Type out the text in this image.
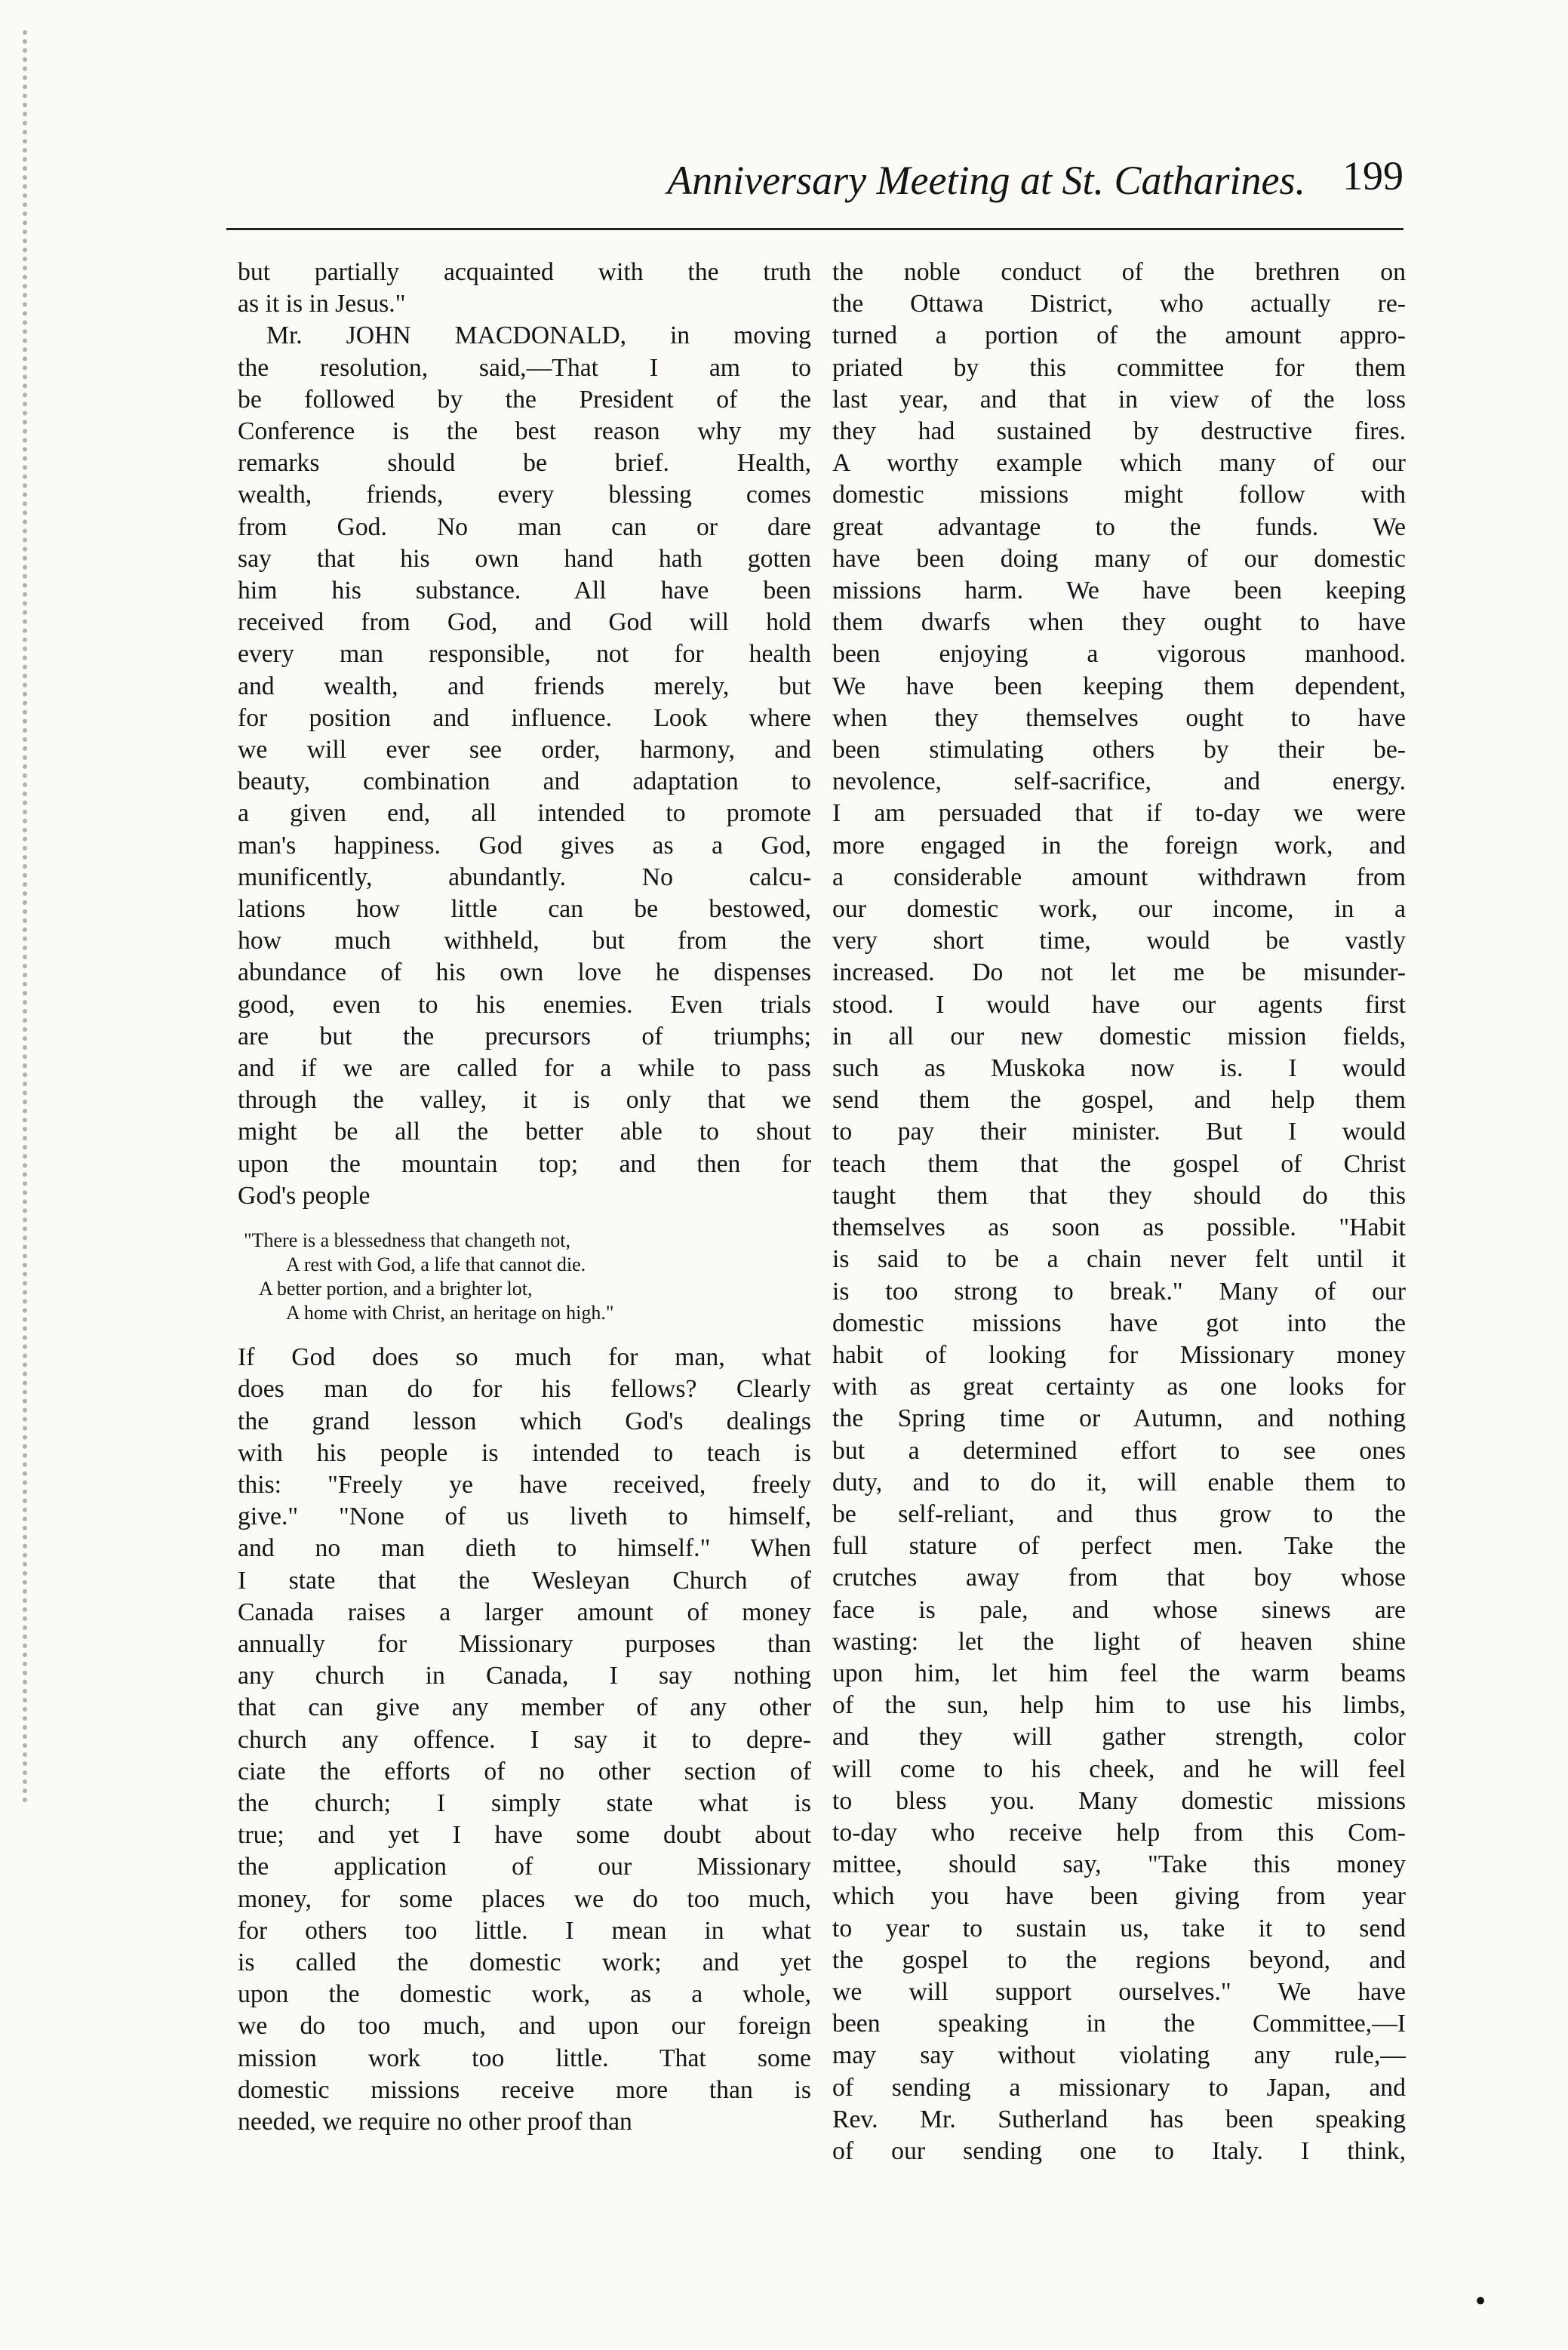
Anniversary Meeting at St. Catharines. 199
but partially acquainted with the truth
as it is in Jesus."
Mr. JOHN MACDONALD, in moving
the resolution, said,—That I am to
be followed by the President of the
Conference is the best reason why my
remarks should be brief. Health,
wealth, friends, every blessing comes
from God. No man can or dare
say that his own hand hath gotten
him his substance. All have been
received from God, and God will hold
every man responsible, not for health
and wealth, and friends merely, but
for position and influence. Look where
we will ever see order, harmony, and
beauty, combination and adaptation to
a given end, all intended to promote
man's happiness. God gives as a God,
munificently, abundantly. No calcu-
lations how little can be bestowed,
how much withheld, but from the
abundance of his own love he dispenses
good, even to his enemies. Even trials
are but the precursors of triumphs;
and if we are called for a while to pass
through the valley, it is only that we
might be all the better able to shout
upon the mountain top; and then for
God's people
"There is a blessedness that changeth not,
A rest with God, a life that cannot die.
A better portion, and a brighter lot,
A home with Christ, an heritage on high."
If God does so much for man, what
does man do for his fellows? Clearly
the grand lesson which God's dealings
with his people is intended to teach is
this: "Freely ye have received, freely
give." "None of us liveth to himself,
and no man dieth to himself." When
I state that the Wesleyan Church of
Canada raises a larger amount of money
annually for Missionary purposes than
any church in Canada, I say nothing
that can give any member of any other
church any offence. I say it to depre-
ciate the efforts of no other section of
the church; I simply state what is
true; and yet I have some doubt about
the application of our Missionary
money, for some places we do too much,
for others too little. I mean in what
is called the domestic work; and yet
upon the domestic work, as a whole,
we do too much, and upon our foreign
mission work too little. That some
domestic missions receive more than is
needed, we require no other proof than
the noble conduct of the brethren on
the Ottawa District, who actually re-
turned a portion of the amount appro-
priated by this committee for them
last year, and that in view of the loss
they had sustained by destructive fires.
A worthy example which many of our
domestic missions might follow with
great advantage to the funds. We
have been doing many of our domestic
missions harm. We have been keeping
them dwarfs when they ought to have
been enjoying a vigorous manhood.
We have been keeping them dependent,
when they themselves ought to have
been stimulating others by their be-
nevolence, self-sacrifice, and energy.
I am persuaded that if to-day we were
more engaged in the foreign work, and
a considerable amount withdrawn from
our domestic work, our income, in a
very short time, would be vastly
increased. Do not let me be misunder-
stood. I would have our agents first
in all our new domestic mission fields,
such as Muskoka now is. I would
send them the gospel, and help them
to pay their minister. But I would
teach them that the gospel of Christ
taught them that they should do this
themselves as soon as possible. "Habit
is said to be a chain never felt until it
is too strong to break." Many of our
domestic missions have got into the
habit of looking for Missionary money
with as great certainty as one looks for
the Spring time or Autumn, and nothing
but a determined effort to see ones
duty, and to do it, will enable them to
be self-reliant, and thus grow to the
full stature of perfect men. Take the
crutches away from that boy whose
face is pale, and whose sinews are
wasting: let the light of heaven shine
upon him, let him feel the warm beams
of the sun, help him to use his limbs,
and they will gather strength, color
will come to his cheek, and he will feel
to bless you. Many domestic missions
to-day who receive help from this Com-
mittee, should say, "Take this money
which you have been giving from year
to year to sustain us, take it to send
the gospel to the regions beyond, and
we will support ourselves." We have
been speaking in the Committee,—I
may say without violating any rule,—
of sending a missionary to Japan, and
Rev. Mr. Sutherland has been speaking
of our sending one to Italy. I think,
•
